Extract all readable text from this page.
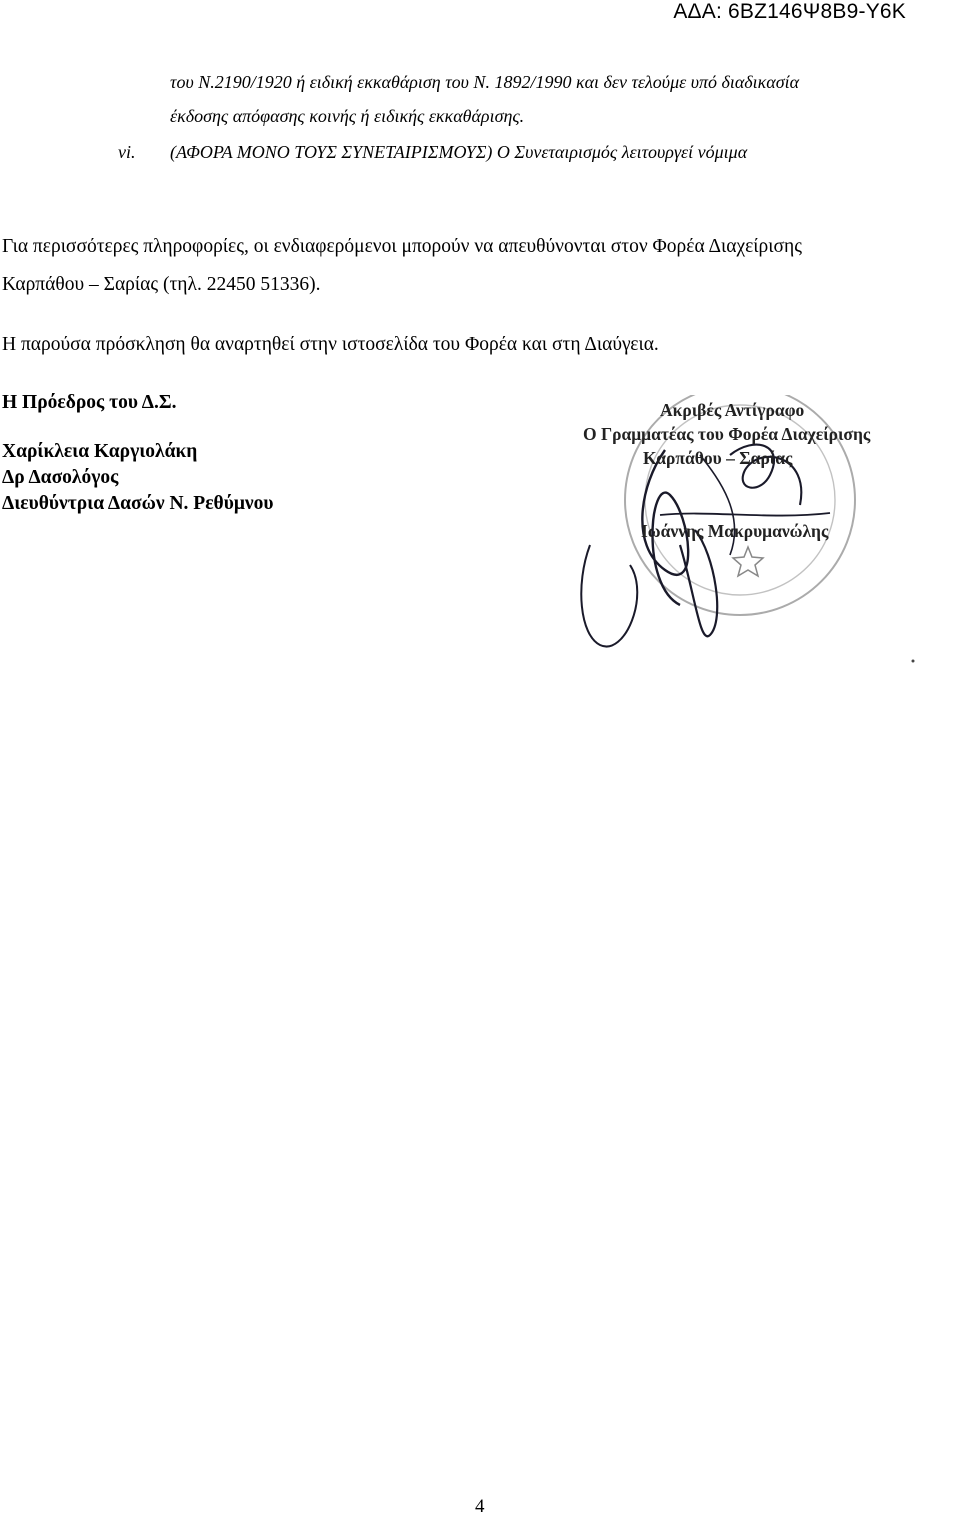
ΑΔΑ: 6ΒΖ146Ψ8Β9-Υ6Κ
του Ν.2190/1920 ή ειδική εκκαθάριση του Ν. 1892/1990 και δεν τελούμε υπό διαδικασία
έκδοσης απόφασης κοινής ή ειδικής εκκαθάρισης.
vi. (ΑΦΟΡΑ ΜΟΝΟ ΤΟΥΣ ΣΥΝΕΤΑΙΡΙΣΜΟΥΣ) Ο Συνεταιρισμός λειτουργεί νόμιμα
Για περισσότερες πληροφορίες, οι ενδιαφερόμενοι μπορούν να απευθύνονται στον Φορέα Διαχείρισης
Καρπάθου – Σαρίας (τηλ. 22450 51336).
Η παρούσα πρόσκληση θα αναρτηθεί στην ιστοσελίδα του Φορέα και στη Διαύγεια.
Η Πρόεδρος του Δ.Σ.
Χαρίκλεια Καργιολάκη
Δρ Δασολόγος
Διευθύντρια Δασών Ν. Ρεθύμνου
Ακριβές Αντίγραφο
Ο Γραμματέας του Φορέα Διαχείρισης
Καρπάθου – Σαρίας
Ιωάννης Μακρυμανώλης
4
